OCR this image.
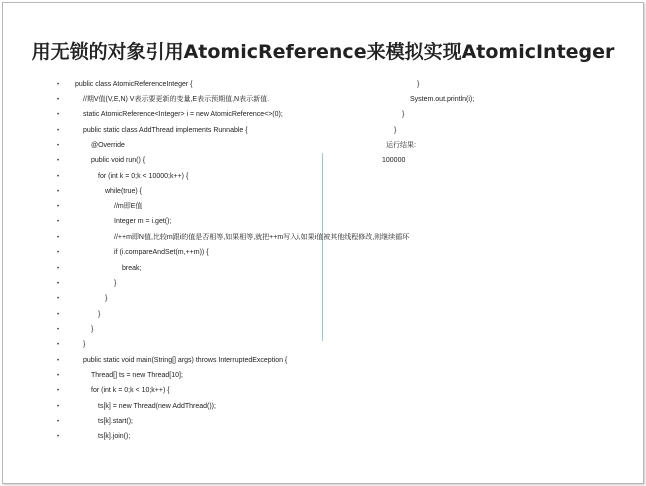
用无锁的对象引用AtomicReference来模拟实现AtomicInteger
• public class AtomicReferenceInteger {
•	//期V值(V,E,N) V表示要更新的变量,E表示预期值,N表示新值.
•	static AtomicReference<Integer> i = new AtomicReference<>(0);
•	public static class AddThread implements Runnable {
•	@Override
•	public void run() {
•	for (int k = 0;k < 10000;k++) {
•	while(true) {
•	//m即E值
•	Integer m = i.get();
•	//++m即N值,比较m跟i的值是否相等,如果相等,就把++m写入i,如果i值被其他线程修改,则继续循环
•	if (i.compareAndSet(m,++m)) {
•	break;
•	}
•	}
•	}
•	}
•	}
•	public static void main(String[] args) throws InterruptedException {
•	Thread[] ts = new Thread[10];
•	for (int k = 0;k < 10;k++) {
•	ts[k] = new Thread(new AddThread());
•	ts[k].start();
•	ts[k].join();
}
System.out.println(i);
}
}
运行结果:
100000
